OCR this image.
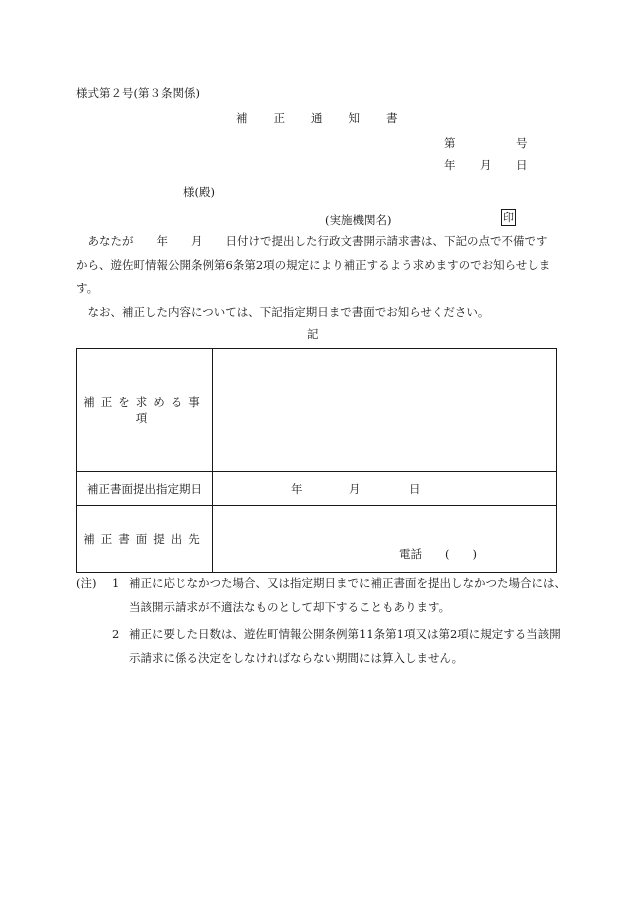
様式第２号(第３条関係)
補 正 通 知 書
第	号
年 月 日
様(殿)
(実施機関名)	印
　あなたが　　年　　月　　日付けで提出した行政文書開示請求書は、下記の点で不備ですから、遊佐町情報公開条例第6条第2項の規定により補正するよう求めますのでお知らせします。
　なお、補正した内容については、下記指定期日まで書面でお知らせください。
記
補正を求める事項	
補正書面提出指定期日	年 月 日

補正書面提出先	電話　　(　　)
(注) 1 補正に応じなかつた場合、又は指定期日までに補正書面を提出しなかつた場合には、当該開示請求が不適法なものとして却下することもあります。
2 補正に要した日数は、遊佐町情報公開条例第11条第1項又は第2項に規定する当該開示請求に係る決定をしなければならない期間には算入しません。
